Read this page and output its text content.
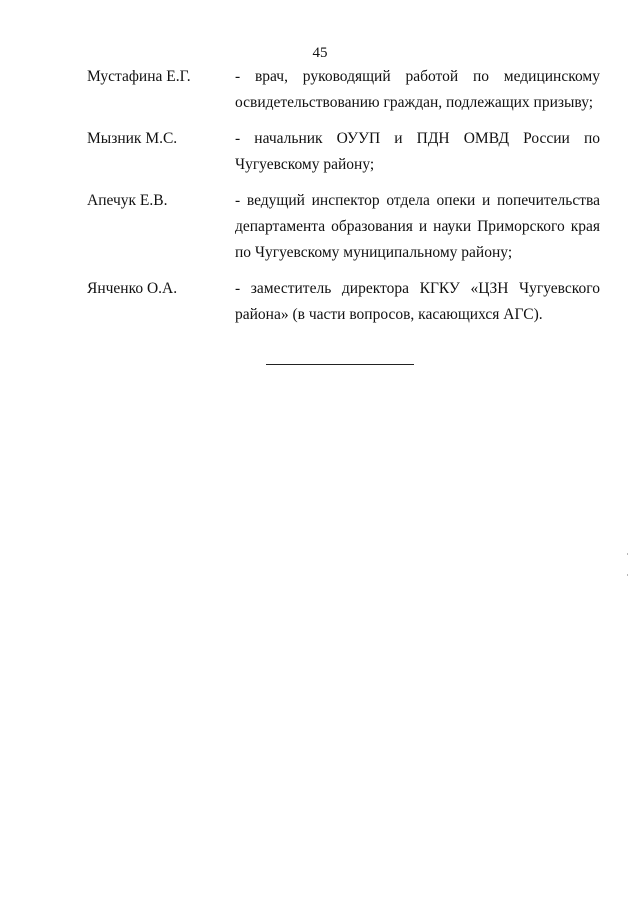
45
Мустафина Е.Г.	- врач, руководящий работой по медицинскому освидетельствованию граждан, подлежащих призыву;
Мызник М.С.	- начальник ОУУП и ПДН ОМВД России по Чугуевскому району;
Апечук Е.В.	- ведущий инспектор отдела опеки и попечительства департамента образования и науки Приморского края по Чугуевскому муниципальному району;
Янченко О.А.	- заместитель директора КГКУ «ЦЗН Чугуевского района» (в части вопросов, касающихся АГС).
